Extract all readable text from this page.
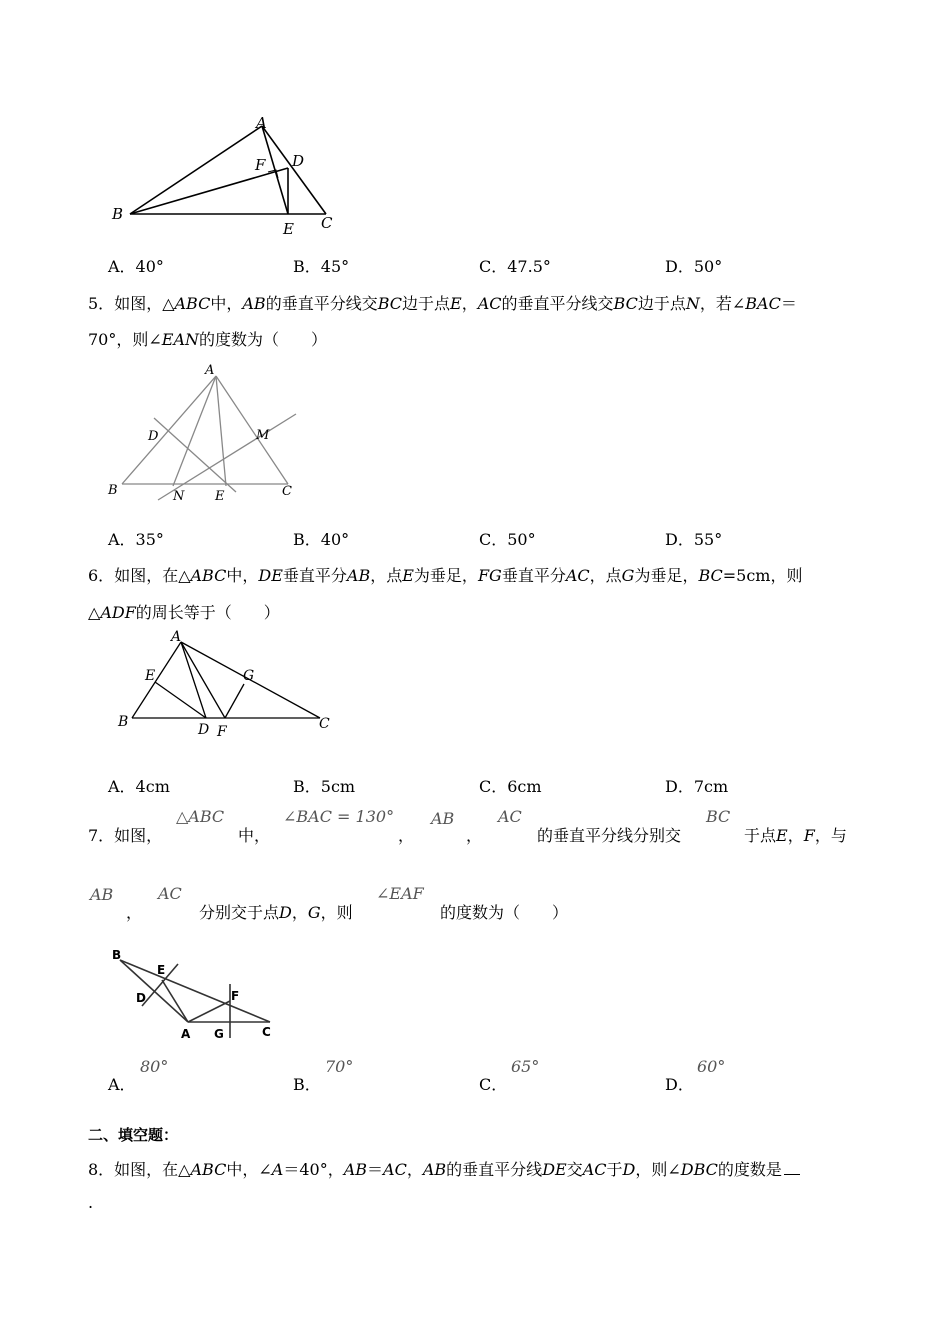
A
B	C
D
E
F
A．40°	B．45°	C．47.5°	D．50°
5．如图，△ABC中，AB的垂直平分线交BC边于点E，AC的垂直平分线交BC边于点N，若∠BAC＝
70°，则∠EAN的度数为（　　）
A
B	C
D
E
M
N
A．35°	B．40°	C．50°	D．55°
6．如图，在△ABC中，DE垂直平分AB，点E为垂足，FG垂直平分AC，点G为垂足，BC=5cm，则
△ADF的周长等于（　　）
A
B	C
D
E
F
G
A．4cm	B．5cm	C．6cm	D．7cm
7．如图，
△ABC
中，
∠BAC = 130°
，
AB
，
AC
的垂直平分线分别交
BC
于点E，F，与
AB
，
AC
分别交于点D，G，则
∠EAF
的度数为（　　）
A
B
C
D
E
F
G
A．
80°
B．
70°
C．
65°
D．
60°
二、填空题：
8．如图，在△ABC中，∠A＝40°，AB＝AC，AB的垂直平分线DE交AC于D，则∠DBC的度数是
.
